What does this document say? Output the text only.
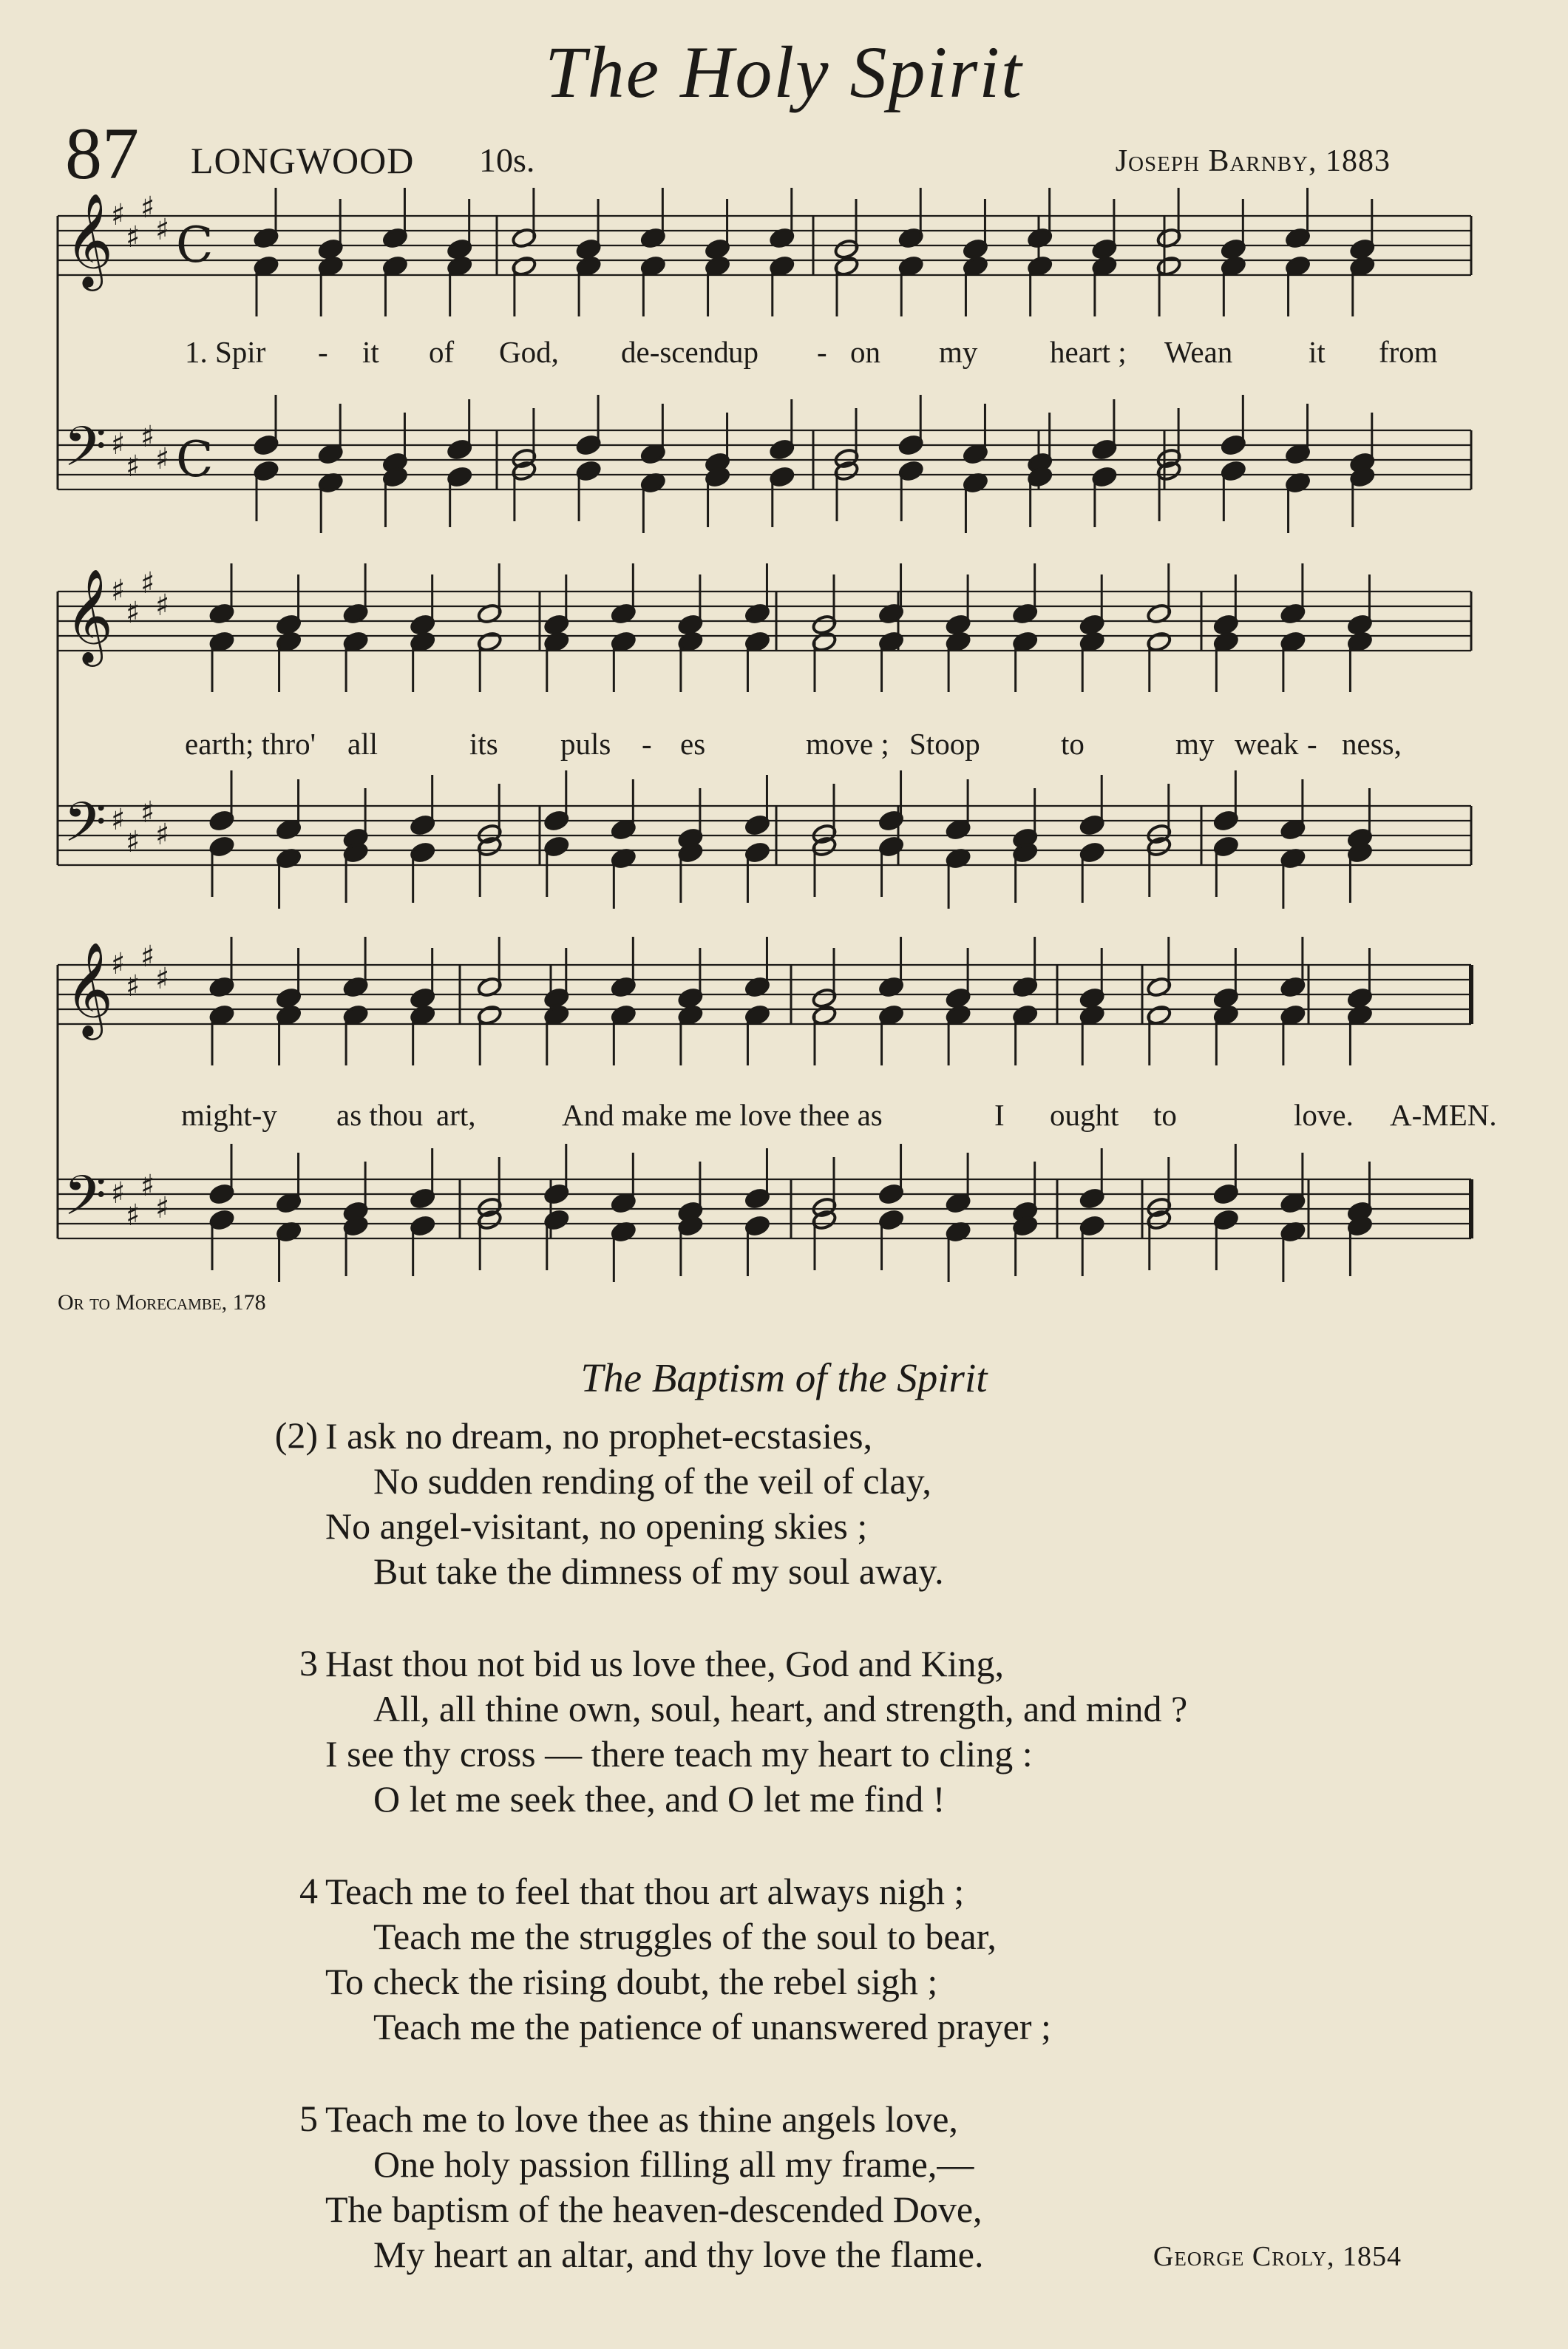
The Holy Spirit
87 LONGWOOD 10s.	Joseph Barnby, 1883
𝄞
𝄢
♯
♯
♯
♯
♯
♯
♯
♯
C
C
𝄞
𝄢
♯
♯
♯
♯
♯
♯
♯
♯
𝄞
𝄢
♯
♯
♯
♯
♯
♯
♯
♯
1. Spir - it of God, de-scend up - on my heart ; Wean	it from
earth; thro' all	its puls - es	move ; Stoop	to	my weak - ness,
might-y as thou art,	And make me love thee as	I ought to	love. A-MEN.
Or to Morecambe, 178
The Baptism of the Spirit
(2) I ask no dream, no prophet-ecstasies,
No sudden rending of the veil of clay,
No angel-visitant, no opening skies ;
But take the dimness of my soul away.
3 Hast thou not bid us love thee, God and King,
All, all thine own, soul, heart, and strength, and mind ?
I see thy cross — there teach my heart to cling :
O let me seek thee, and O let me find !
4 Teach me to feel that thou art always nigh ;
Teach me the struggles of the soul to bear,
To check the rising doubt, the rebel sigh ;
Teach me the patience of unanswered prayer ;
5 Teach me to love thee as thine angels love,
One holy passion filling all my frame,—
The baptism of the heaven-descended Dove,
My heart an altar, and thy love the flame.	George Croly, 1854
